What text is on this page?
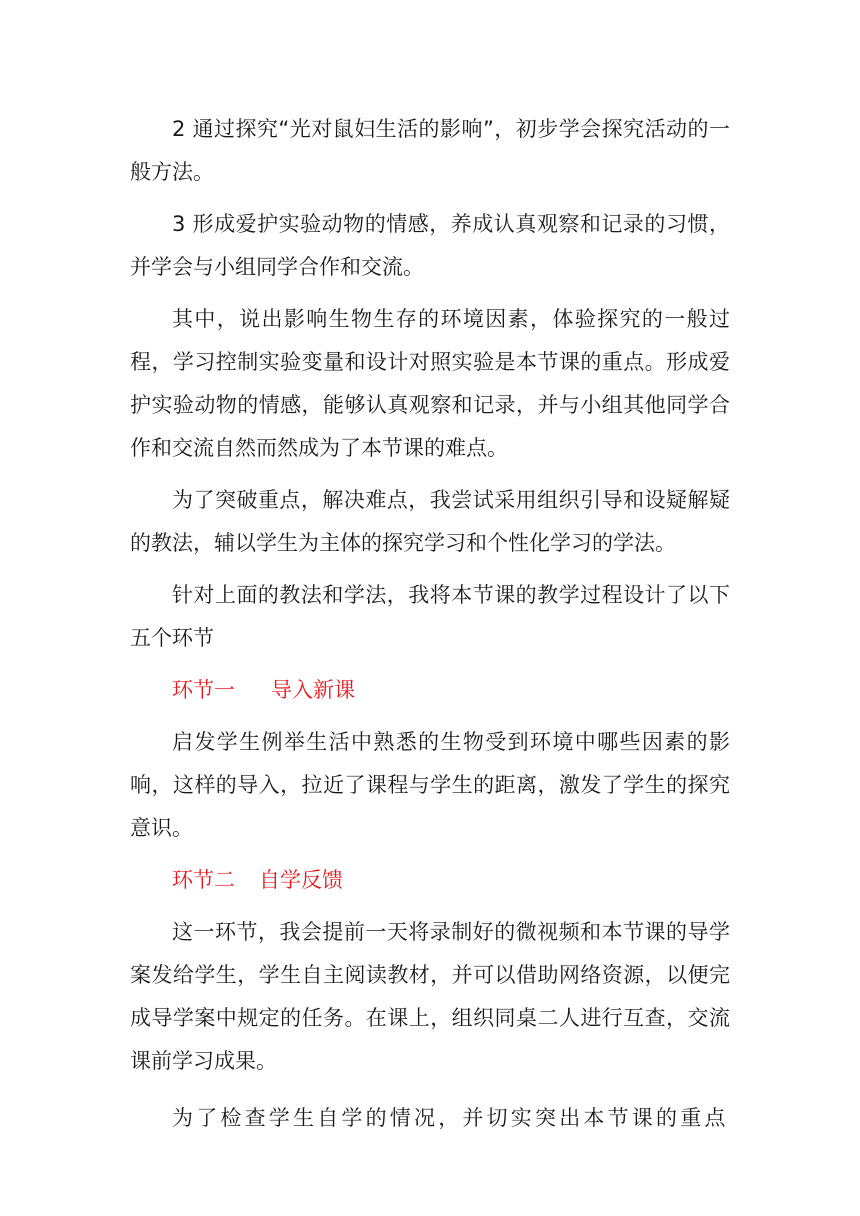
2 通过探究“光对鼠妇生活的影响”，初步学会探究活动的一般方法。

3 形成爱护实验动物的情感，养成认真观察和记录的习惯，并学会与小组同学合作和交流。

其中，说出影响生物生存的环境因素，体验探究的一般过程，学习控制实验变量和设计对照实验是本节课的重点。形成爱护实验动物的情感，能够认真观察和记录，并与小组其他同学合作和交流自然而然成为了本节课的难点。

为了突破重点，解决难点，我尝试采用组织引导和设疑解疑的教法，辅以学生为主体的探究学习和个性化学习的学法。

针对上面的教法和学法，我将本节课的教学过程设计了以下五个环节

环节一 导入新课

启发学生例举生活中熟悉的生物受到环境中哪些因素的影响，这样的导入，拉近了课程与学生的距离，激发了学生的探究意识。

环节二 自学反馈

这一环节，我会提前一天将录制好的微视频和本节课的导学案发给学生，学生自主阅读教材，并可以借助网络资源，以便完成导学案中规定的任务。在课上，组织同桌二人进行互查，交流课前学习成果。

为了检查学生自学的情况，并切实突出本节课的重点
